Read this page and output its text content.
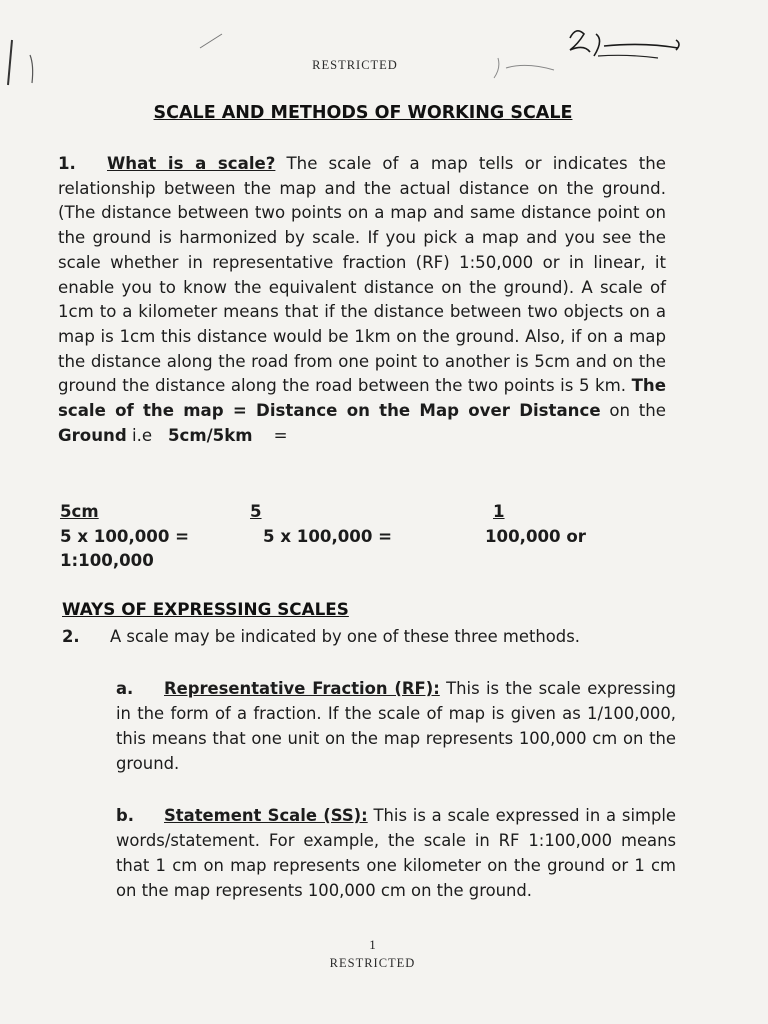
RESTRICTED
SCALE AND METHODS OF WORKING SCALE
1. What is a scale? The scale of a map tells or indicates the relationship between the map and the actual distance on the ground. (The distance between two points on a map and same distance point on the ground is harmonized by scale. If you pick a map and you see the scale whether in representative fraction (RF) 1:50,000 or in linear, it enable you to know the equivalent distance on the ground). A scale of 1cm to a kilometer means that if the distance between two objects on a map is 1cm this distance would be 1km on the ground. Also, if on a map the distance along the road from one point to another is 5cm and on the ground the distance along the road between the two points is 5 km. The scale of the map = Distance on the Map over Distance on the Ground i.e   5cm/5km =
5cm	5	1
5 x 100,000 =	5 x 100,000 =	100,000 or
1:100,000
WAYS OF EXPRESSING SCALES
2. A scale may be indicated by one of these three methods.
a. Representative Fraction (RF): This is the scale expressing in the form of a fraction. If the scale of map is given as 1/100,000, this means that one unit on the map represents 100,000 cm on the ground.
b. Statement Scale (SS): This is a scale expressed in a simple words/statement. For example, the scale in RF 1:100,000 means that 1 cm on map represents one kilometer on the ground or 1 cm on the map represents 100,000 cm on the ground.
1
RESTRICTED
